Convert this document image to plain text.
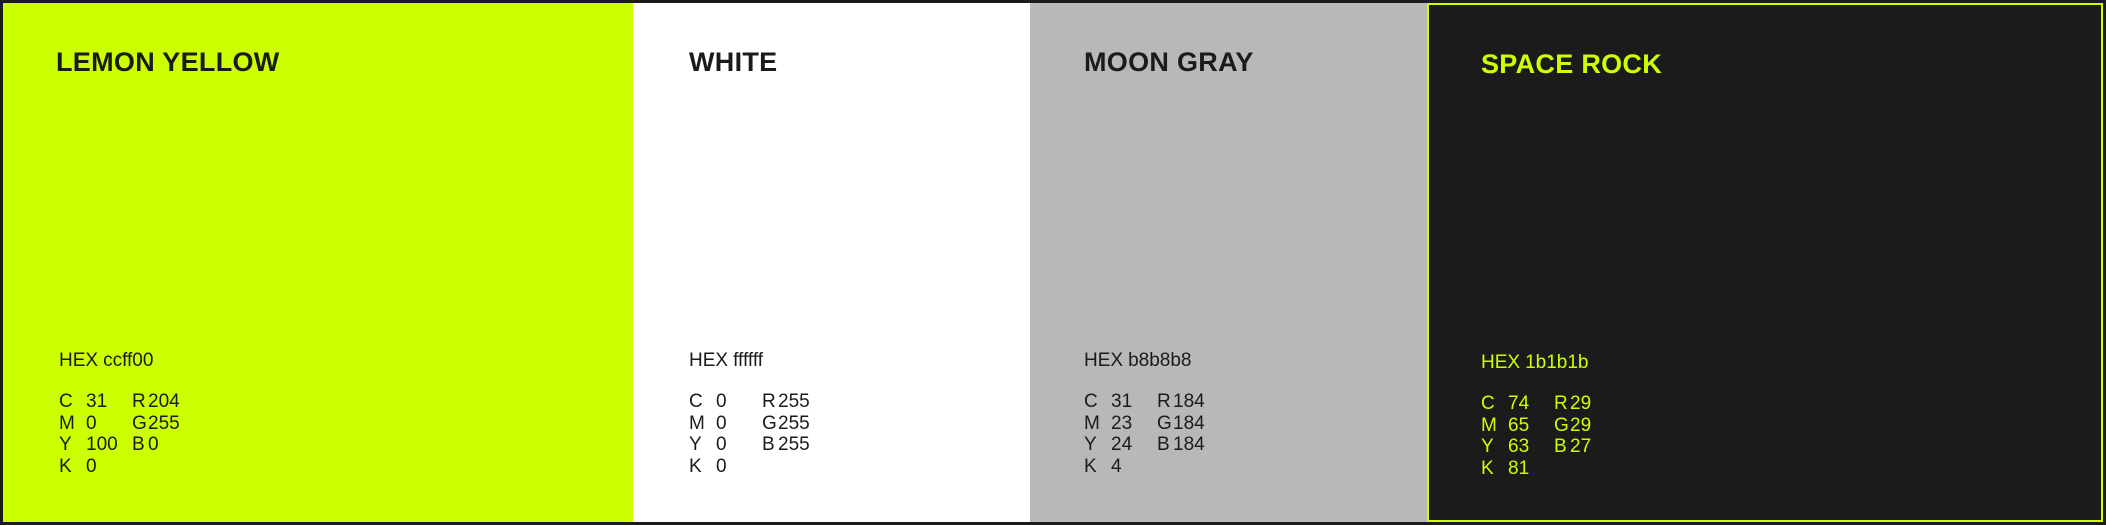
LEMON YELLOW
HEX ccff00
C 31	R 204
M 0	G 255
Y 100 B 0
K 0
WHITE
HEX ffffff
C 0	R 255
M 0	G 255
Y 0	B 255
K 0
MOON GRAY
HEX b8b8b8
C 31	R 184
M 23	G 184
Y 24	B 184
K 4
SPACE ROCK
HEX 1b1b1b
C 74	R 29
M 65	G 29
Y 63	B 27
K 81
